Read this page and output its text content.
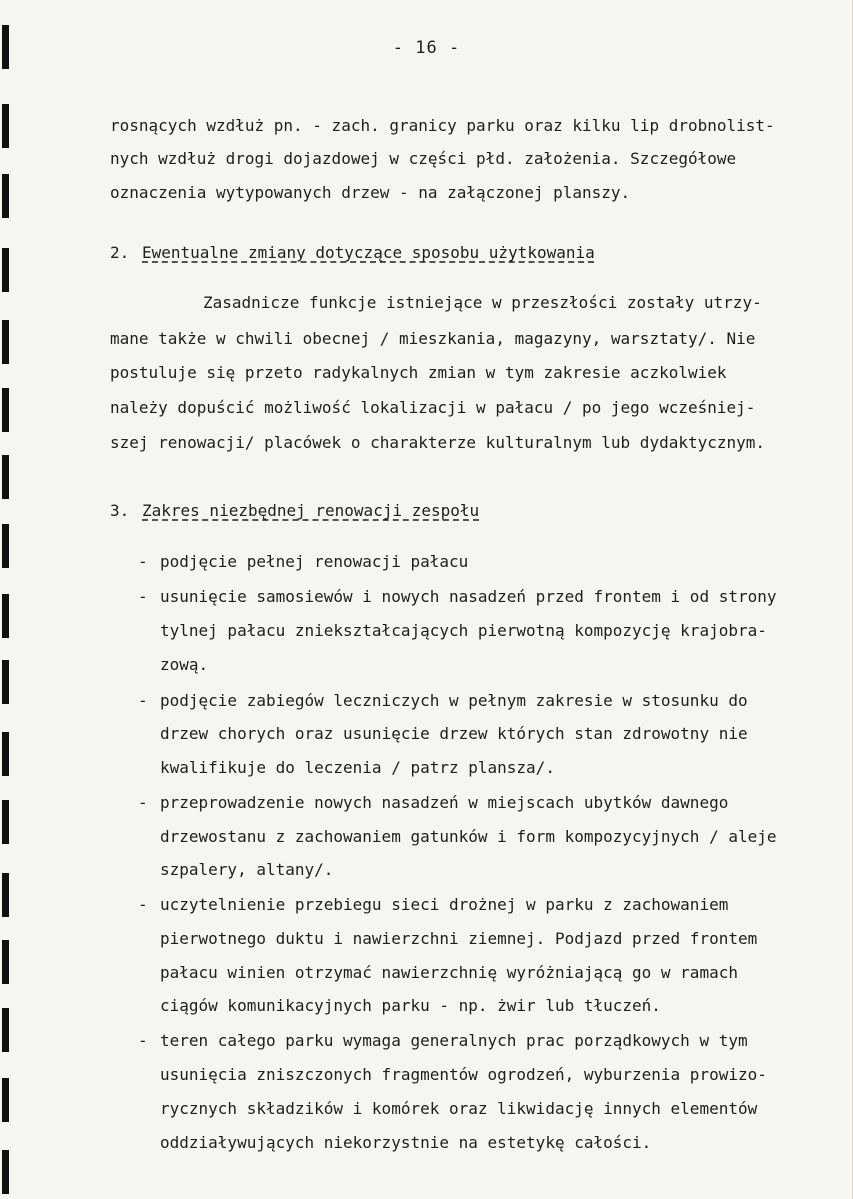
- 16 -
rosnących wzdłuż pn. - zach. granicy parku oraz kilku lip drobnolist-
nych wzdłuż drogi dojazdowej w części płd. założenia. Szczegółowe
oznaczenia wytypowanych drzew - na załączonej planszy.
2. Ewentualne zmiany dotyczące sposobu użytkowania
Zasadnicze funkcje istniejące w przeszłości zostały utrzy-
mane także w chwili obecnej / mieszkania, magazyny, warsztaty/. Nie
postuluje się przeto radykalnych zmian w tym zakresie aczkolwiek
należy dopuścić możliwość lokalizacji w pałacu / po jego wcześniej-
szej renowacji/ placówek o charakterze kulturalnym lub dydaktycznym.
3. Zakres niezbędnej renowacji zespołu
- podjęcie pełnej renowacji pałacu
- usunięcie samosiewów i nowych nasadzeń przed frontem i od strony
tylnej pałacu zniekształcających pierwotną kompozycję krajobra-
zową.
- podjęcie zabiegów leczniczych w pełnym zakresie w stosunku do
drzew chorych oraz usunięcie drzew których stan zdrowotny nie
kwalifikuje do leczenia / patrz plansza/.
- przeprowadzenie nowych nasadzeń w miejscach ubytków dawnego
drzewostanu z zachowaniem gatunków i form kompozycyjnych / aleje
szpalery, altany/.
- uczytelnienie przebiegu sieci drożnej w parku z zachowaniem
pierwotnego duktu i nawierzchni ziemnej. Podjazd przed frontem
pałacu winien otrzymać nawierzchnię wyróżniającą go w ramach
ciągów komunikacyjnych parku - np. żwir lub tłuczeń.
- teren całego parku wymaga generalnych prac porządkowych w tym
usunięcia zniszczonych fragmentów ogrodzeń, wyburzenia prowizo-
rycznych składzików i komórek oraz likwidację innych elementów
oddziaływujących niekorzystnie na estetykę całości.
